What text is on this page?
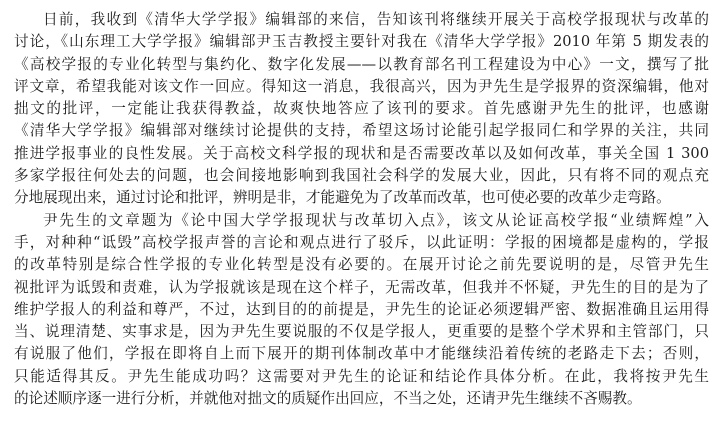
日前，我收到《清华大学学报》编辑部的来信，告知该刊将继续开展关于高校学报现状与改革的
讨论，《山东理工大学学报》编辑部尹玉吉教授主要针对我在《清华大学学报》2010 年第 5 期发表的
《高校学报的专业化转型与集约化、数字化发展——以教育部名刊工程建设为中心》一文，撰写了批
评文章，希望我能对该文作一回应。得知这一消息，我很高兴，因为尹先生是学报界的资深编辑，他对
拙文的批评，一定能让我获得教益，故爽快地答应了该刊的要求。首先感谢尹先生的批评，也感谢
《清华大学学报》编辑部对继续讨论提供的支持，希望这场讨论能引起学报同仁和学界的关注，共同
推进学报事业的良性发展。关于高校文科学报的现状和是否需要改革以及如何改革，事关全国 1 300
多家学报往何处去的问题，也会间接地影响到我国社会科学的发展大业，因此，只有将不同的观点充
分地展现出来，通过讨论和批评，辨明是非，才能避免为了改革而改革，也可使必要的改革少走弯路。
尹先生的文章题为《论中国大学学报现状与改革切入点》，该文从论证高校学报“业绩辉煌”入
手，对种种“诋毁”高校学报声誉的言论和观点进行了驳斥，以此证明：学报的困境都是虚构的，学报
的改革特别是综合性学报的专业化转型是没有必要的。在展开讨论之前先要说明的是，尽管尹先生
视批评为诋毁和责难，认为学报就该是现在这个样子，无需改革，但我并不怀疑，尹先生的目的是为了
维护学报人的利益和尊严，不过，达到目的的前提是，尹先生的论证必须逻辑严密、数据准确且运用得
当、说理清楚、实事求是，因为尹先生要说服的不仅是学报人，更重要的是整个学术界和主管部门，只
有说服了他们，学报在即将自上而下展开的期刊体制改革中才能继续沿着传统的老路走下去；否则，
只能适得其反。尹先生能成功吗？这需要对尹先生的论证和结论作具体分析。在此，我将按尹先生
的论述顺序逐一进行分析，并就他对拙文的质疑作出回应，不当之处，还请尹先生继续不吝赐教。
